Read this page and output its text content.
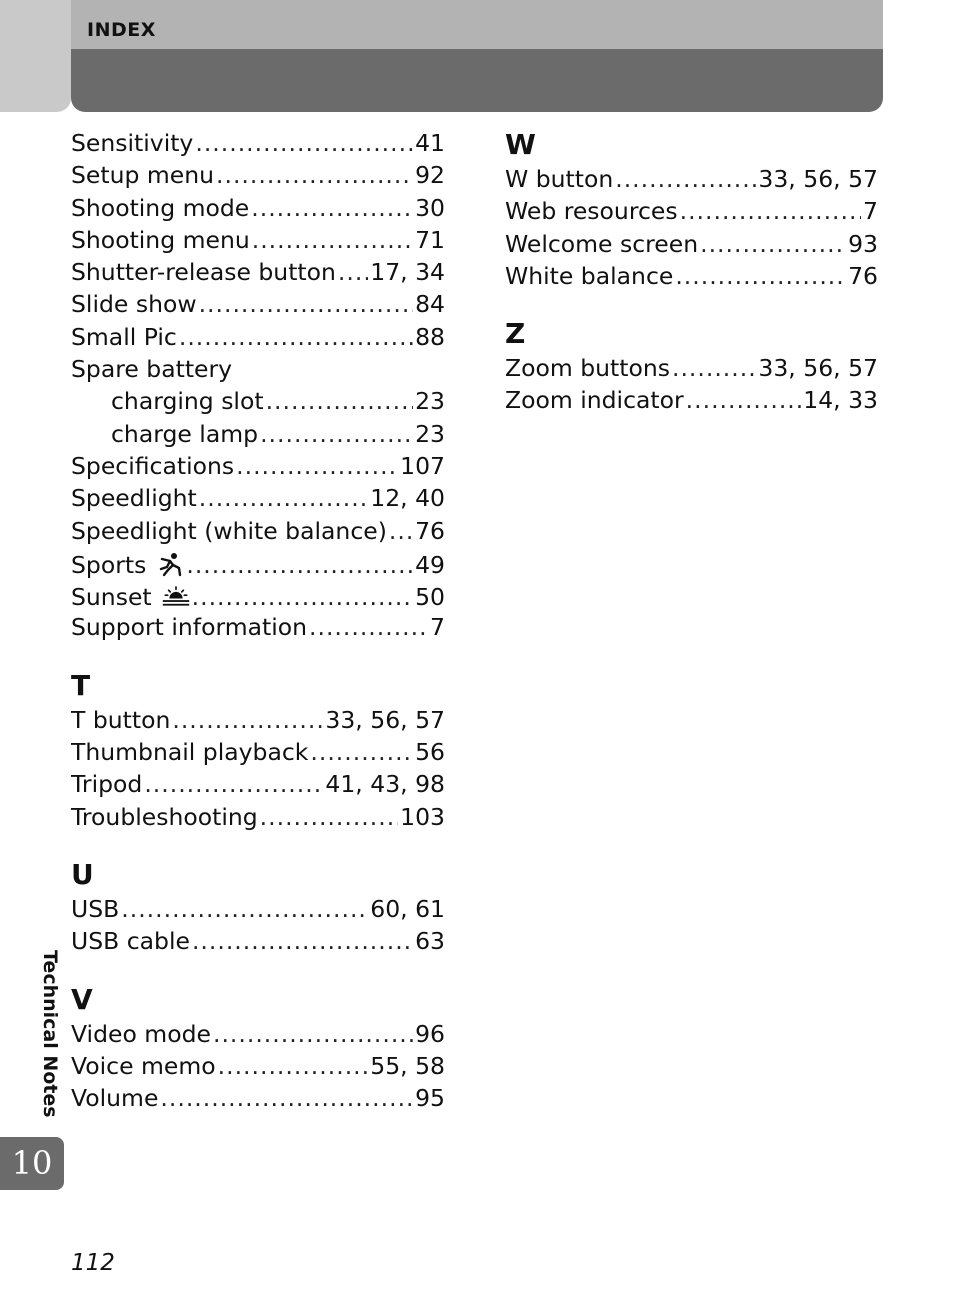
INDEX
Sensitivity .....	41
Setup menu .....	92
Shooting mode .....	30
Shooting menu .....	71
Shutter-release button ..... 17, 34
Slide show .....	84
Small Pic .....	88
Spare battery
charging slot .....	23
charge lamp .....	23
Specifications .....	107
Speedlight .....	12, 40
Speedlight (white balance) ..... 76
Sports .....	49
Sunset .....	50
Support information .....	7
T
T button .....	33, 56, 57
Thumbnail playback .....	56
Tripod .....	41, 43, 98
Troubleshooting .....	103
U
USB .....	60, 61
USB cable .....	63
V
Video mode .....	96
Voice memo .....	55, 58
Volume .....	95
W
W button .....	33, 56, 57
Web resources .....	7
Welcome screen .....	93
White balance .....	76
Z
Zoom buttons .....	33, 56, 57
Zoom indicator .....	14, 33
Technical Notes
10
112
